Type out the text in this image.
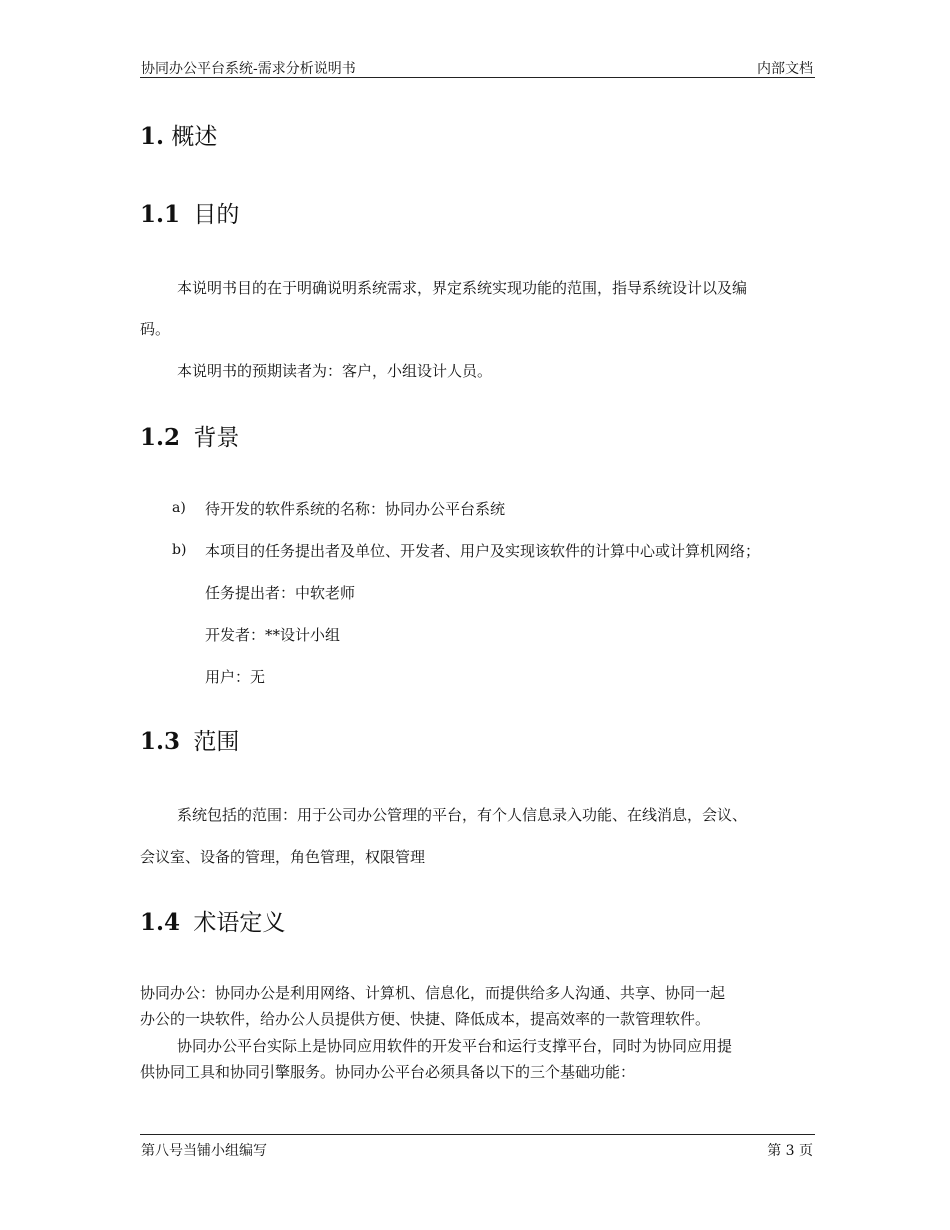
协同办公平台系统-需求分析说明书	内部文档
1. 概述
1.1 目的
本说明书目的在于明确说明系统需求，界定系统实现功能的范围，指导系统设计以及编
码。
本说明书的预期读者为：客户，小组设计人员。
1.2 背景
a) 待开发的软件系统的名称：协同办公平台系统
b) 本项目的任务提出者及单位、开发者、用户及实现该软件的计算中心或计算机网络；
任务提出者：中软老师
开发者：**设计小组
用户：无
1.3 范围
系统包括的范围：用于公司办公管理的平台，有个人信息录入功能、在线消息，会议、
会议室、设备的管理，角色管理，权限管理
1.4 术语定义
协同办公：协同办公是利用网络、计算机、信息化，而提供给多人沟通、共享、协同一起
办公的一块软件，给办公人员提供方便、快捷、降低成本，提高效率的一款管理软件。
协同办公平台实际上是协同应用软件的开发平台和运行支撑平台，同时为协同应用提
供协同工具和协同引擎服务。协同办公平台必须具备以下的三个基础功能：
第八号当铺小组编写	第 3 页
